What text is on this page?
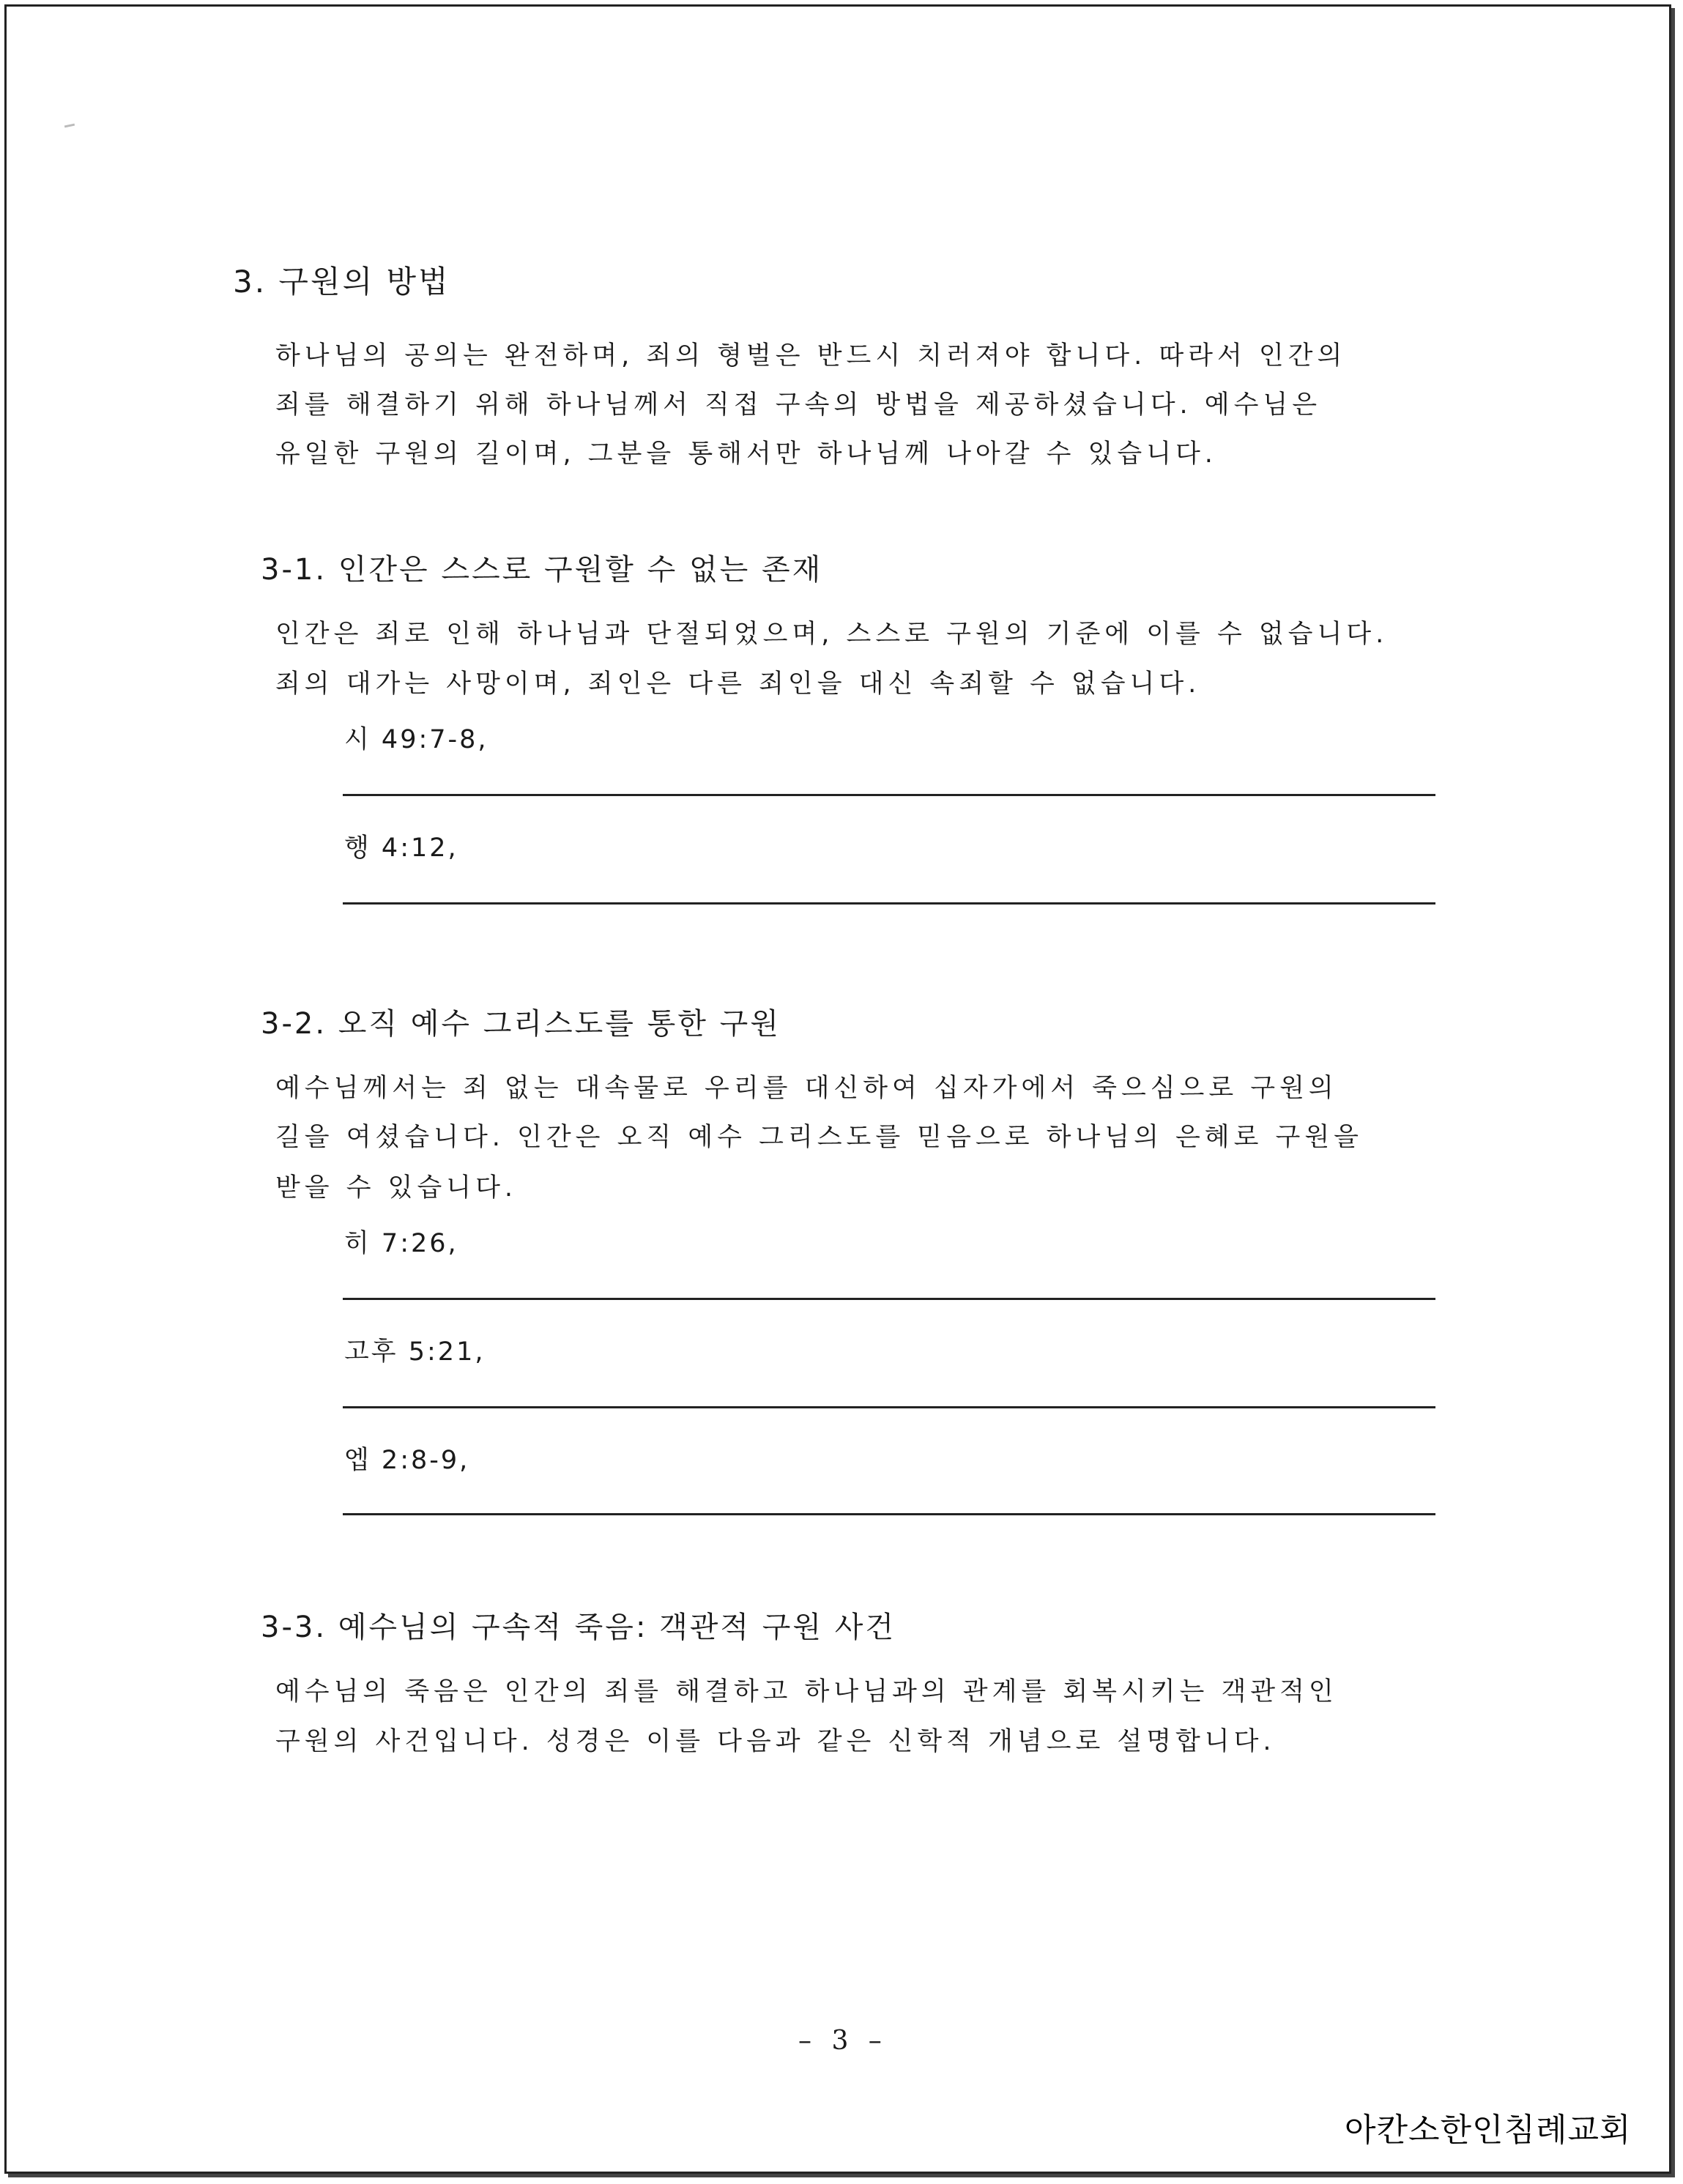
3. 구원의 방법
하나님의 공의는 완전하며, 죄의 형벌은 반드시 치러져야 합니다. 따라서 인간의
죄를 해결하기 위해 하나님께서 직접 구속의 방법을 제공하셨습니다. 예수님은
유일한 구원의 길이며, 그분을 통해서만 하나님께 나아갈 수 있습니다.
3-1. 인간은 스스로 구원할 수 없는 존재
인간은 죄로 인해 하나님과 단절되었으며, 스스로 구원의 기준에 이를 수 없습니다.
죄의 대가는 사망이며, 죄인은 다른 죄인을 대신 속죄할 수 없습니다.
시 49:7-8,
행 4:12,
3-2. 오직 예수 그리스도를 통한 구원
예수님께서는 죄 없는 대속물로 우리를 대신하여 십자가에서 죽으심으로 구원의
길을 여셨습니다. 인간은 오직 예수 그리스도를 믿음으로 하나님의 은혜로 구원을
받을 수 있습니다.
히 7:26,
고후 5:21,
엡 2:8-9,
3-3. 예수님의 구속적 죽음: 객관적 구원 사건
예수님의 죽음은 인간의 죄를 해결하고 하나님과의 관계를 회복시키는 객관적인
구원의 사건입니다. 성경은 이를 다음과 같은 신학적 개념으로 설명합니다.
– 3 –
아칸소한인침례교회
